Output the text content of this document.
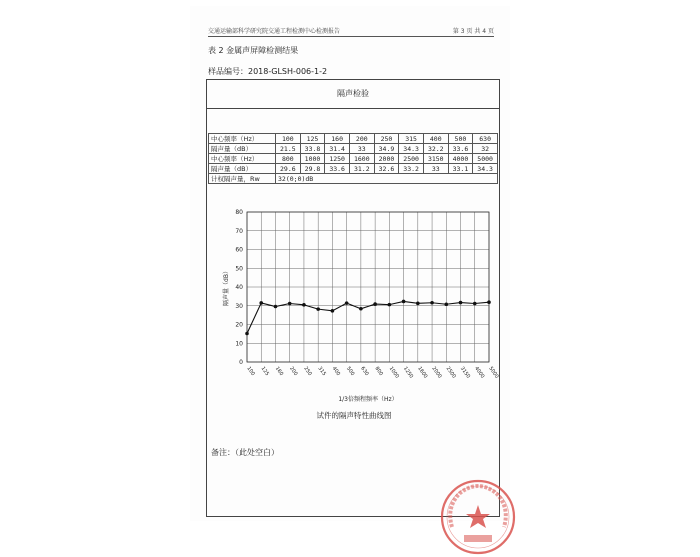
交通运输部科学研究院交通工程检测中心检测报告	第 3 页 共 4 页
表 2 金属声屏障检测结果
样品编号：2018-GLSH-006-1-2
隔声检验
中心频率（Hz）	100	125	160	200	250	315	400	500	630
隔声量（dB）	21.5	33.8	31.4	33	34.9	34.3	32.2	33.6	32
中心频率（Hz）	800	1000	1250	1600	2000	2500	3150	4000	5000
隔声量（dB）	29.6	29.8	33.6	31.2	32.6	33.2	33	33.1	34.3
计权隔声量，Rw	32(0;0)dB								
0
10
20
30
40
50
60
70
80
100 125 160 200 250 315 400 500 630 800 1000 1250 1600 2000 2500 3150 4000 5000
隔声量（dB）
1/3倍频程频率（Hz）
试件的隔声特性曲线图
备注：（此处空白）
